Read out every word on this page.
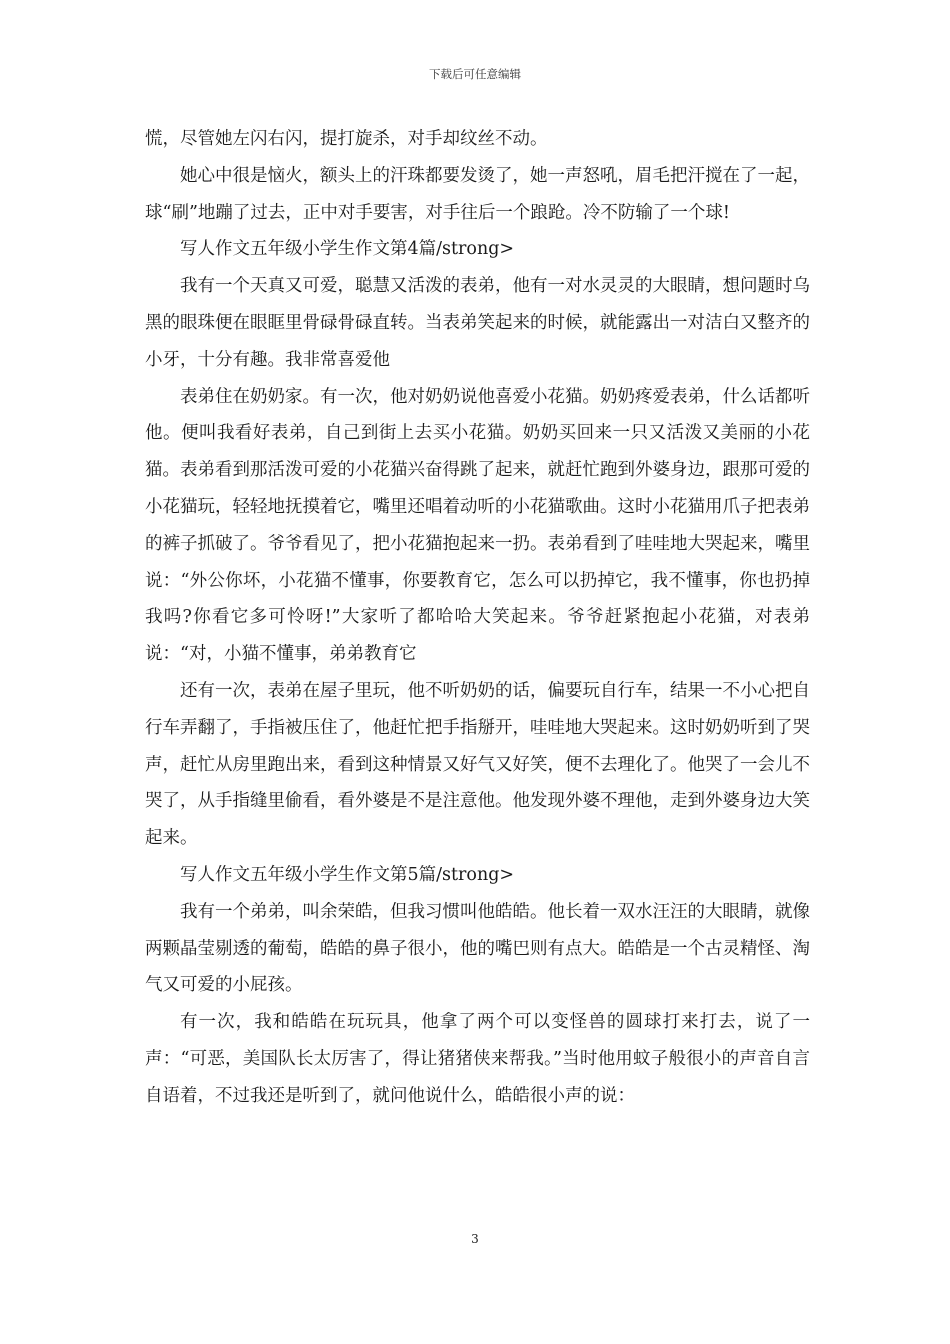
下载后可任意编辑

慌，尽管她左闪右闪，提打旋杀，对手却纹丝不动。

她心中很是恼火，额头上的汗珠都要发烫了，她一声怒吼，眉毛把汗搅在了一起，球“刷”地蹦了过去，正中对手要害，对手往后一个踉跄。冷不防输了一个球!

写人作文五年级小学生作文第4篇/strong>

我有一个天真又可爱，聪慧又活泼的表弟，他有一对水灵灵的大眼睛，想问题时乌黑的眼珠便在眼眶里骨碌骨碌直转。当表弟笑起来的时候，就能露出一对洁白又整齐的小牙，十分有趣。我非常喜爱他

表弟住在奶奶家。有一次，他对奶奶说他喜爱小花猫。奶奶疼爱表弟，什么话都听他。便叫我看好表弟，自己到街上去买小花猫。奶奶买回来一只又活泼又美丽的小花猫。表弟看到那活泼可爱的小花猫兴奋得跳了起来，就赶忙跑到外婆身边，跟那可爱的小花猫玩，轻轻地抚摸着它，嘴里还唱着动听的小花猫歌曲。这时小花猫用爪子把表弟的裤子抓破了。爷爷看见了，把小花猫抱起来一扔。表弟看到了哇哇地大哭起来，嘴里说：“外公你坏，小花猫不懂事，你要教育它，怎么可以扔掉它，我不懂事，你也扔掉我吗?你看它多可怜呀!”大家听了都哈哈大笑起来。爷爷赶紧抱起小花猫，对表弟说：“对，小猫不懂事，弟弟教育它

还有一次，表弟在屋子里玩，他不听奶奶的话，偏要玩自行车，结果一不小心把自行车弄翻了，手指被压住了，他赶忙把手指掰开，哇哇地大哭起来。这时奶奶听到了哭声，赶忙从房里跑出来，看到这种情景又好气又好笑，便不去理化了。他哭了一会儿不哭了，从手指缝里偷看，看外婆是不是注意他。他发现外婆不理他，走到外婆身边大笑起来。

写人作文五年级小学生作文第5篇/strong>

我有一个弟弟，叫余荣皓，但我习惯叫他皓皓。他长着一双水汪汪的大眼睛，就像两颗晶莹剔透的葡萄，皓皓的鼻子很小，他的嘴巴则有点大。皓皓是一个古灵精怪、淘气又可爱的小屁孩。

有一次，我和皓皓在玩玩具，他拿了两个可以变怪兽的圆球打来打去，说了一声：“可恶，美国队长太厉害了，得让猪猪侠来帮我。”当时他用蚊子般很小的声音自言自语着，不过我还是听到了，就问他说什么，皓皓很小声的说：

3
